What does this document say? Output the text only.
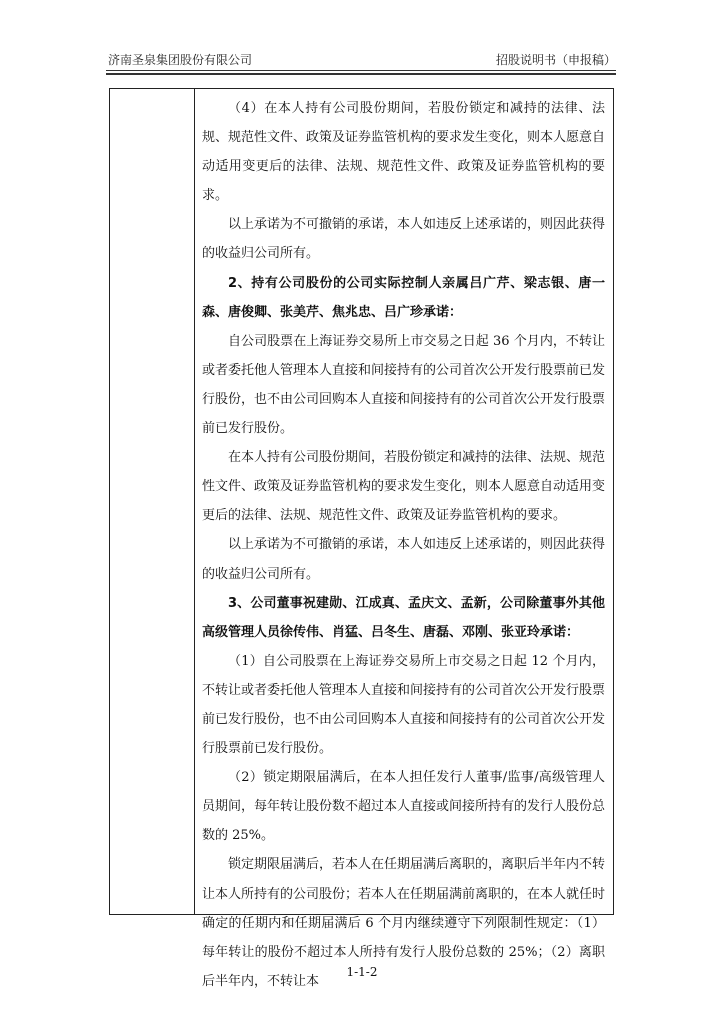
济南圣泉集团股份有限公司	招股说明书（申报稿）

（4）在本人持有公司股份期间，若股份锁定和减持的法律、法规、规范性文件、政策及证券监管机构的要求发生变化，则本人愿意自动适用变更后的法律、法规、规范性文件、政策及证券监管机构的要求。

以上承诺为不可撤销的承诺，本人如违反上述承诺的，则因此获得的收益归公司所有。

2、持有公司股份的公司实际控制人亲属吕广芹、梁志银、唐一森、唐俊卿、张美芹、焦兆忠、吕广珍承诺：

自公司股票在上海证券交易所上市交易之日起 36 个月内，不转让或者委托他人管理本人直接和间接持有的公司首次公开发行股票前已发行股份，也不由公司回购本人直接和间接持有的公司首次公开发行股票前已发行股份。

在本人持有公司股份期间，若股份锁定和减持的法律、法规、规范性文件、政策及证券监管机构的要求发生变化，则本人愿意自动适用变更后的法律、法规、规范性文件、政策及证券监管机构的要求。

以上承诺为不可撤销的承诺，本人如违反上述承诺的，则因此获得的收益归公司所有。

3、公司董事祝建勋、江成真、孟庆文、孟新，公司除董事外其他高级管理人员徐传伟、肖猛、吕冬生、唐磊、邓刚、张亚玲承诺：

（1）自公司股票在上海证券交易所上市交易之日起 12 个月内，不转让或者委托他人管理本人直接和间接持有的公司首次公开发行股票前已发行股份，也不由公司回购本人直接和间接持有的公司首次公开发行股票前已发行股份。

（2）锁定期限届满后，在本人担任发行人董事/监事/高级管理人员期间，每年转让股份数不超过本人直接或间接所持有的发行人股份总数的 25%。

锁定期限届满后，若本人在任期届满后离职的，离职后半年内不转让本人所持有的公司股份；若本人在任期届满前离职的，在本人就任时确定的任期内和任期届满后 6 个月内继续遵守下列限制性规定：（1）每年转让的股份不超过本人所持有发行人股份总数的 25%；（2）离职后半年内，不转让本

1-1-2
